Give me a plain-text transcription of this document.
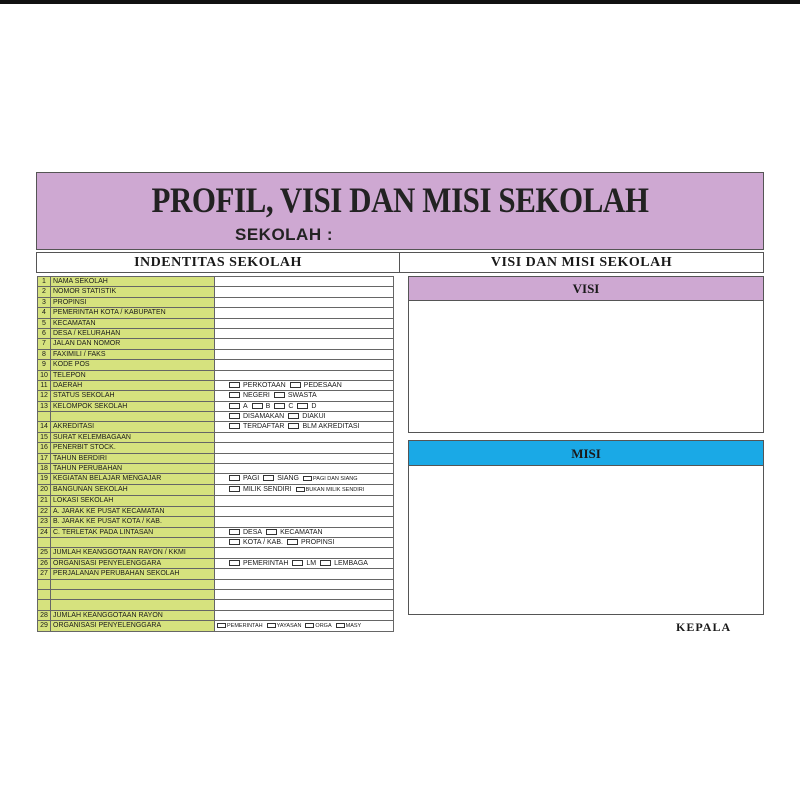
PROFIL, VISI DAN MISI SEKOLAH
SEKOLAH :
INDENTITAS SEKOLAH	VISI DAN MISI SEKOLAH
1	NAMA SEKOLAH	
2	NOMOR STATISTIK	
3	PROPINSI	
4	PEMERINTAH KOTA / KABUPATEN	
5	KECAMATAN	
6	DESA / KELURAHAN	
7	JALAN DAN NOMOR	
8	FAXIMILI / FAKS	
9	KODE POS	
10	TELEPON	
11	DAERAH	PERKOTAAN PEDESAAN

12	STATUS SEKOLAH	NEGERI SWASTA

13	KELOMPOK SEKOLAH	A B C D

		DISAMAKAN DIAKUI

14	AKREDITASI	TERDAFTAR BLM AKREDITASI

15	SURAT KELEMBAGAAN	
16	PENERBIT STOCK.	
17	TAHUN BERDIRI	
18	TAHUN PERUBAHAN	
19	KEGIATAN BELAJAR MENGAJAR	PAGI SIANG PAGI DAN SIANG

20	BANGUNAN SEKOLAH	MILIK SENDIRI BUKAN MILIK SENDIRI

21	LOKASI SEKOLAH	
22	A. JARAK KE PUSAT KECAMATAN	
23	B. JARAK KE PUSAT KOTA / KAB.	
24	C. TERLETAK PADA LINTASAN	DESA KECAMATAN

		KOTA / KAB. PROPINSI

25	JUMLAH KEANGGOTAAN RAYON / KKMI	
26	ORGANISASI PENYELENGGARA	PEMERINTAH LM LEMBAGA

27	PERJALANAN PERUBAHAN SEKOLAH	

28	JUMLAH KEANGGOTAAN RAYON	
29	ORGANISASI PENYELENGGARA	PEMERINTAH YAYASAN ORGA MASY
VISI
MISI
KEPALA
